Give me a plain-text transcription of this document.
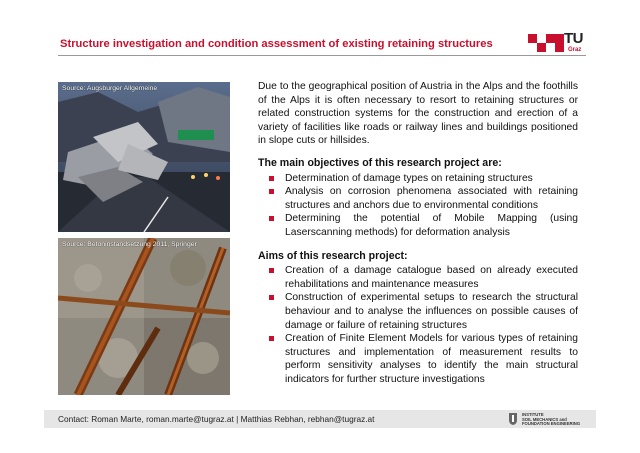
Structure investigation and condition assessment of existing retaining structures	TU
Graz
Source: Augsburger Allgemeine
Source: Betoninstandsetzung 2011, Springer

Due to the geographical position of Austria in the Alps and the foothills of the Alps it is often necessary to resort to retaining structures or related construction systems for the construction and erection of a variety of facilities like roads or railway lines and buildings positioned in slope cuts or hillsides.

The main objectives of this research project are:
Determination of damage types on retaining structures
Analysis on corrosion phenomena associated with retaining structures and anchors due to environmental conditions
Determining the potential of Mobile Mapping (using Laserscanning methods) for deformation analysis
Aims of this research project:
Creation of a damage catalogue based on already executed rehabilitations and maintenance measures
Construction of experimental setups to research the structural behaviour and to analyse the influences on possible causes of damage or failure of retaining structures
Creation of Finite Element Models for various types of retaining structures and implementation of measurement results to perform sensitivity analyses to identify the main structural indicators for further structure investigations
Contact: Roman Marte, roman.marte@tugraz.at | Matthias Rebhan, rebhan@tugraz.at	INSTITUTE
SOIL MECHANICS and
FOUNDATION ENGINEERING
